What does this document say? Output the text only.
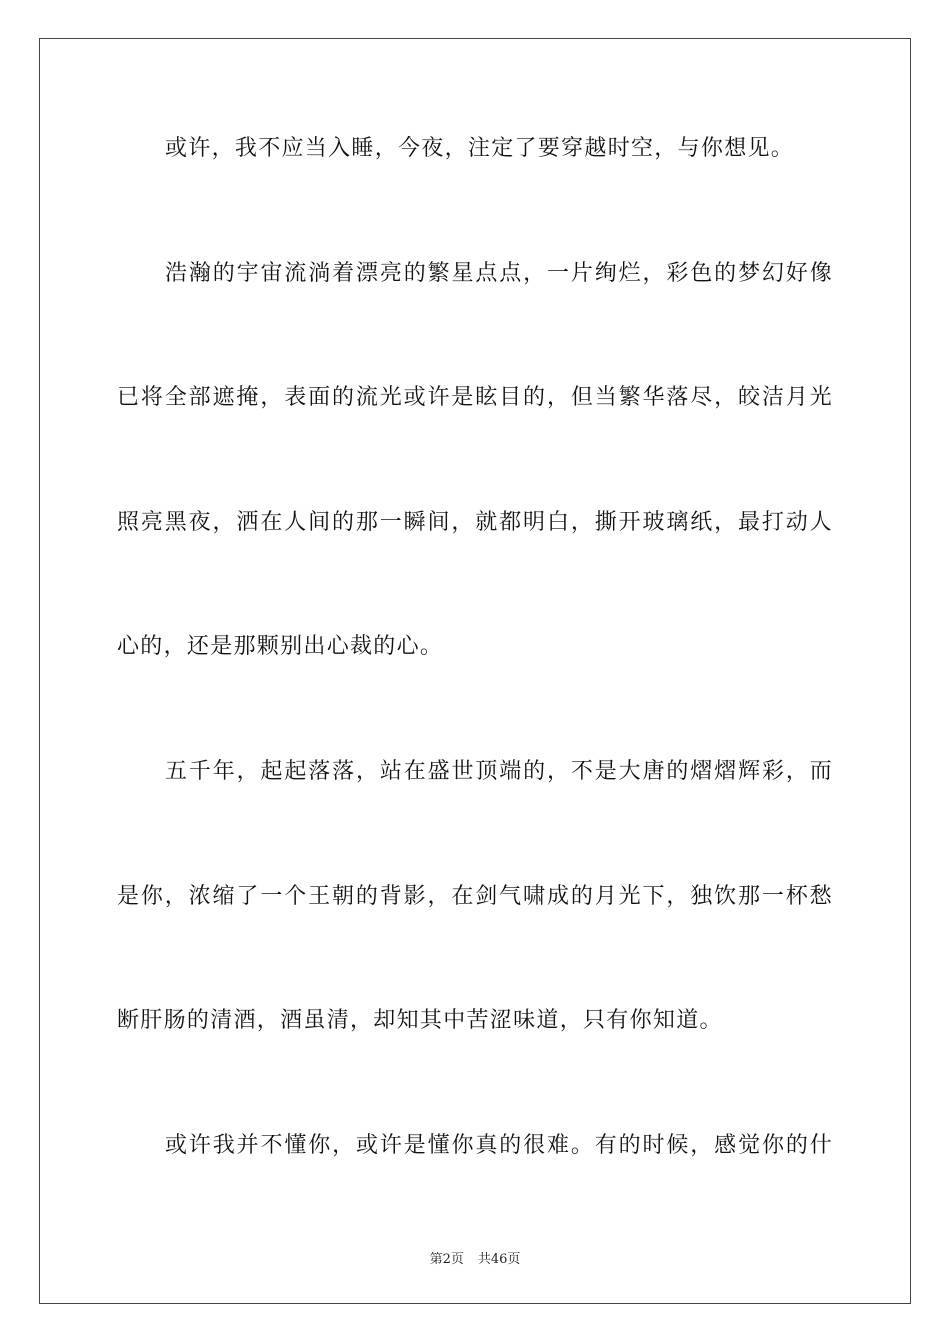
或许，我不应当入睡，今夜，注定了要穿越时空，与你想见。
浩瀚的宇宙流淌着漂亮的繁星点点，一片绚烂，彩色的梦幻好像
已将全部遮掩，表面的流光或许是眩目的，但当繁华落尽，皎洁月光
照亮黑夜，洒在人间的那一瞬间，就都明白，撕开玻璃纸，最打动人
心的，还是那颗别出心裁的心。
五千年，起起落落，站在盛世顶端的，不是大唐的熠熠辉彩，而
是你，浓缩了一个王朝的背影，在剑气啸成的月光下，独饮那一杯愁
断肝肠的清酒，酒虽清，却知其中苦涩味道，只有你知道。
或许我并不懂你，或许是懂你真的很难。有的时候，感觉你的什
第2页 共46页
